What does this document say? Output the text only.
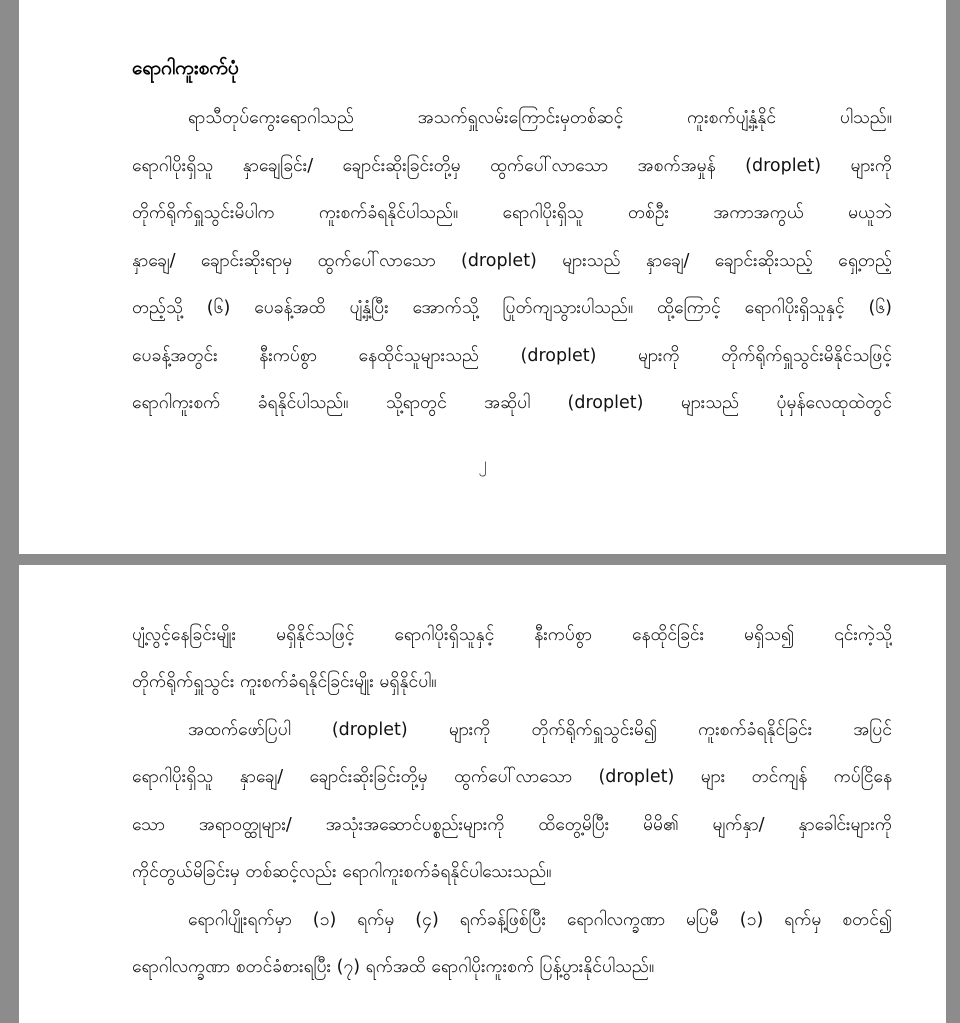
ရောဂါကူးစက်ပုံ
ရာသီတုပ်ကွေးရောဂါသည် အသက်ရှူလမ်းကြောင်းမှတစ်ဆင့် ကူးစက်ပျံ့နှံ့နိုင် ပါသည်။
ရောဂါပိုးရှိသူ နှာချေခြင်း/ ချောင်းဆိုးခြင်းတို့မှ ထွက်ပေါ်လာသော အစက်အမှုန် (droplet) များကို
တိုက်ရိုက်ရှူသွင်းမိပါက ကူးစက်ခံရနိုင်ပါသည်။ ရောဂါပိုးရှိသူ တစ်ဦး အကာအကွယ် မယူဘဲ
နှာချေ/ ချောင်းဆိုးရာမှ ထွက်ပေါ်လာသော (droplet) များသည် နှာချေ/ ချောင်းဆိုးသည့် ရှေ့တည့်
တည့်သို့ (၆) ပေခန့်အထိ ပျံ့နှံ့ပြီး အောက်သို့ ပြုတ်ကျသွားပါသည်။ ထို့ကြောင့် ရောဂါပိုးရှိသူနှင့် (၆)
ပေခန့်အတွင်း နီးကပ်စွာ နေထိုင်သူများသည် (droplet) များကို တိုက်ရိုက်ရှူသွင်းမိနိုင်သဖြင့်
ရောဂါကူးစက် ခံရနိုင်ပါသည်။ သို့ရာတွင် အဆိုပါ (droplet) များသည် ပုံမှန်လေထုထဲတွင်
၂
ပျံ့လွင့်နေခြင်းမျိုး မရှိနိုင်သဖြင့် ရောဂါပိုးရှိသူနှင့် နီးကပ်စွာ နေထိုင်ခြင်း မရှိသ၍ ၎င်းကဲ့သို့
တိုက်ရိုက်ရှူသွင်း ကူးစက်ခံရနိုင်ခြင်းမျိုး မရှိနိုင်ပါ။
အထက်ဖော်ပြပါ (droplet) များကို တိုက်ရိုက်ရှူသွင်းမိ၍ ကူးစက်ခံရနိုင်ခြင်း အပြင်
ရောဂါပိုးရှိသူ နှာချေ/ ချောင်းဆိုးခြင်းတို့မှ ထွက်ပေါ်လာသော (droplet) များ တင်ကျန် ကပ်ငြိနေ
သော အရာဝတ္ထုများ/ အသုံးအဆောင်ပစ္စည်းများကို ထိတွေ့မိပြီး မိမိ၏ မျက်နှာ/ နှာခေါင်းများကို
ကိုင်တွယ်မိခြင်းမှ တစ်ဆင့်လည်း ရောဂါကူးစက်ခံရနိုင်ပါသေးသည်။
ရောဂါပျိုးရက်မှာ (၁) ရက်မှ (၄) ရက်ခန့်ဖြစ်ပြီး ရောဂါလက္ခဏာ မပြမီ (၁) ရက်မှ စတင်၍
ရောဂါလက္ခဏာ စတင်ခံစားရပြီး (၇) ရက်အထိ ရောဂါပိုးကူးစက် ပြန့်ပွားနိုင်ပါသည်။
